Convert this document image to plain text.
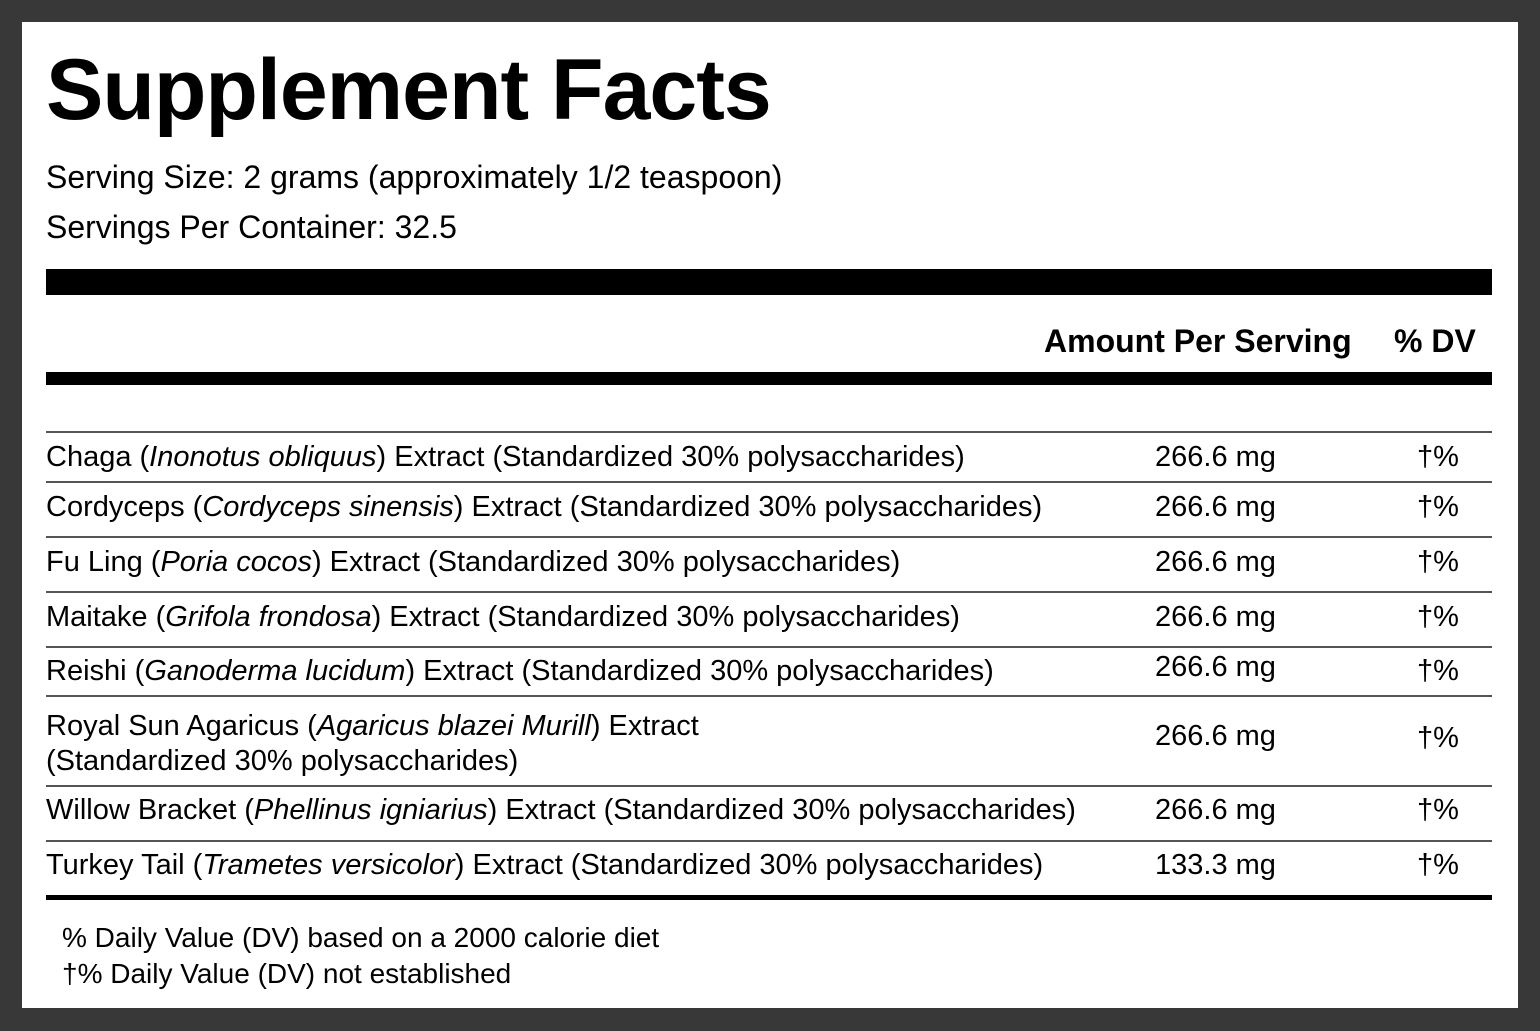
Supplement Facts
Serving Size: 2 grams (approximately 1/2 teaspoon)
Servings Per Container: 32.5
Amount Per Serving % DV
Chaga (Inonotus obliquus) Extract (Standardized 30% polysaccharides)	266.6 mg	†%
Cordyceps (Cordyceps sinensis) Extract (Standardized 30% polysaccharides)	266.6 mg	†%
Fu Ling (Poria cocos) Extract (Standardized 30% polysaccharides)	266.6 mg	†%
Maitake (Grifola frondosa) Extract (Standardized 30% polysaccharides)	266.6 mg	†%
Reishi (Ganoderma lucidum) Extract (Standardized 30% polysaccharides)	266.6 mg	†%
Royal Sun Agaricus (Agaricus blazei Murill) Extract
(Standardized 30% polysaccharides)
266.6 mg	†%
Willow Bracket (Phellinus igniarius) Extract (Standardized 30% polysaccharides)	266.6 mg	†%
Turkey Tail (Trametes versicolor) Extract (Standardized 30% polysaccharides)	133.3 mg	†%
% Daily Value (DV) based on a 2000 calorie diet
†% Daily Value (DV) not established
